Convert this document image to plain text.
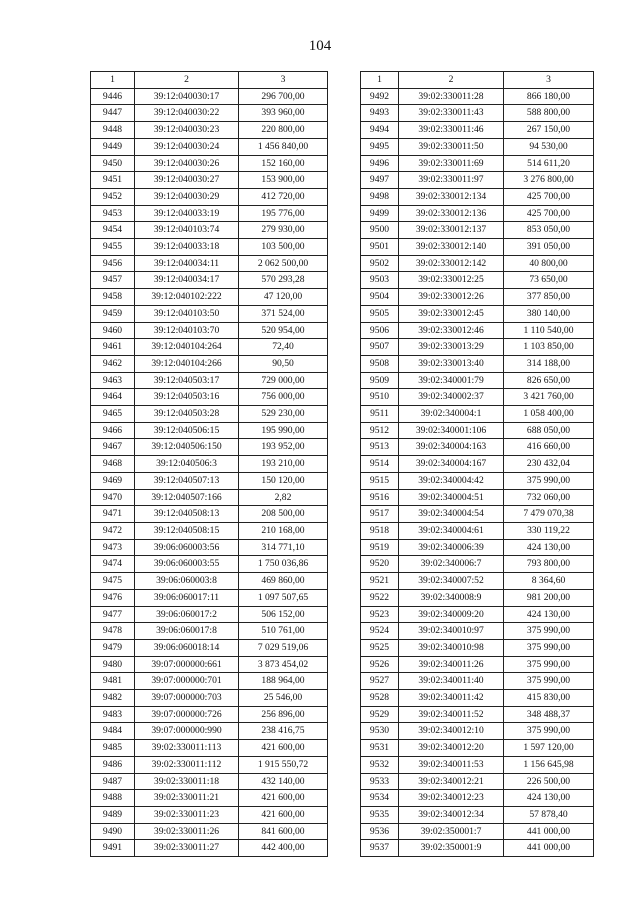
104
1	2	3
9446	39:12:040030:17	296 700,00
9447	39:12:040030:22	393 960,00
9448	39:12:040030:23	220 800,00
9449	39:12:040030:24	1 456 840,00
9450	39:12:040030:26	152 160,00
9451	39:12:040030:27	153 900,00
9452	39:12:040030:29	412 720,00
9453	39:12:040033:19	195 776,00
9454	39:12:040103:74	279 930,00
9455	39:12:040033:18	103 500,00
9456	39:12:040034:11	2 062 500,00
9457	39:12:040034:17	570 293,28
9458	39:12:040102:222	47 120,00
9459	39:12:040103:50	371 524,00
9460	39:12:040103:70	520 954,00
9461	39:12:040104:264	72,40
9462	39:12:040104:266	90,50
9463	39:12:040503:17	729 000,00
9464	39:12:040503:16	756 000,00
9465	39:12:040503:28	529 230,00
9466	39:12:040506:15	195 990,00
9467	39:12:040506:150	193 952,00
9468	39:12:040506:3	193 210,00
9469	39:12:040507:13	150 120,00
9470	39:12:040507:166	2,82
9471	39:12:040508:13	208 500,00
9472	39:12:040508:15	210 168,00
9473	39:06:060003:56	314 771,10
9474	39:06:060003:55	1 750 036,86
9475	39:06:060003:8	469 860,00
9476	39:06:060017:11	1 097 507,65
9477	39:06:060017:2	506 152,00
9478	39:06:060017:8	510 761,00
9479	39:06:060018:14	7 029 519,06
9480	39:07:000000:661	3 873 454,02
9481	39:07:000000:701	188 964,00
9482	39:07:000000:703	25 546,00
9483	39:07:000000:726	256 896,00
9484	39:07:000000:990	238 416,75
9485	39:02:330011:113	421 600,00
9486	39:02:330011:112	1 915 550,72
9487	39:02:330011:18	432 140,00
9488	39:02:330011:21	421 600,00
9489	39:02:330011:23	421 600,00
9490	39:02:330011:26	841 600,00
9491	39:02:330011:27	442 400,00
1	2	3
9492	39:02:330011:28	866 180,00
9493	39:02:330011:43	588 800,00
9494	39:02:330011:46	267 150,00
9495	39:02:330011:50	94 530,00
9496	39:02:330011:69	514 611,20
9497	39:02:330011:97	3 276 800,00
9498	39:02:330012:134	425 700,00
9499	39:02:330012:136	425 700,00
9500	39:02:330012:137	853 050,00
9501	39:02:330012:140	391 050,00
9502	39:02:330012:142	40 800,00
9503	39:02:330012:25	73 650,00
9504	39:02:330012:26	377 850,00
9505	39:02:330012:45	380 140,00
9506	39:02:330012:46	1 110 540,00
9507	39:02:330013:29	1 103 850,00
9508	39:02:330013:40	314 188,00
9509	39:02:340001:79	826 650,00
9510	39:02:340002:37	3 421 760,00
9511	39:02:340004:1	1 058 400,00
9512	39:02:340001:106	688 050,00
9513	39:02:340004:163	416 660,00
9514	39:02:340004:167	230 432,04
9515	39:02:340004:42	375 990,00
9516	39:02:340004:51	732 060,00
9517	39:02:340004:54	7 479 070,38
9518	39:02:340004:61	330 119,22
9519	39:02:340006:39	424 130,00
9520	39:02:340006:7	793 800,00
9521	39:02:340007:52	8 364,60
9522	39:02:340008:9	981 200,00
9523	39:02:340009:20	424 130,00
9524	39:02:340010:97	375 990,00
9525	39:02:340010:98	375 990,00
9526	39:02:340011:26	375 990,00
9527	39:02:340011:40	375 990,00
9528	39:02:340011:42	415 830,00
9529	39:02:340011:52	348 488,37
9530	39:02:340012:10	375 990,00
9531	39:02:340012:20	1 597 120,00
9532	39:02:340011:53	1 156 645,98
9533	39:02:340012:21	226 500,00
9534	39:02:340012:23	424 130,00
9535	39:02:340012:34	57 878,40
9536	39:02:350001:7	441 000,00
9537	39:02:350001:9	441 000,00
